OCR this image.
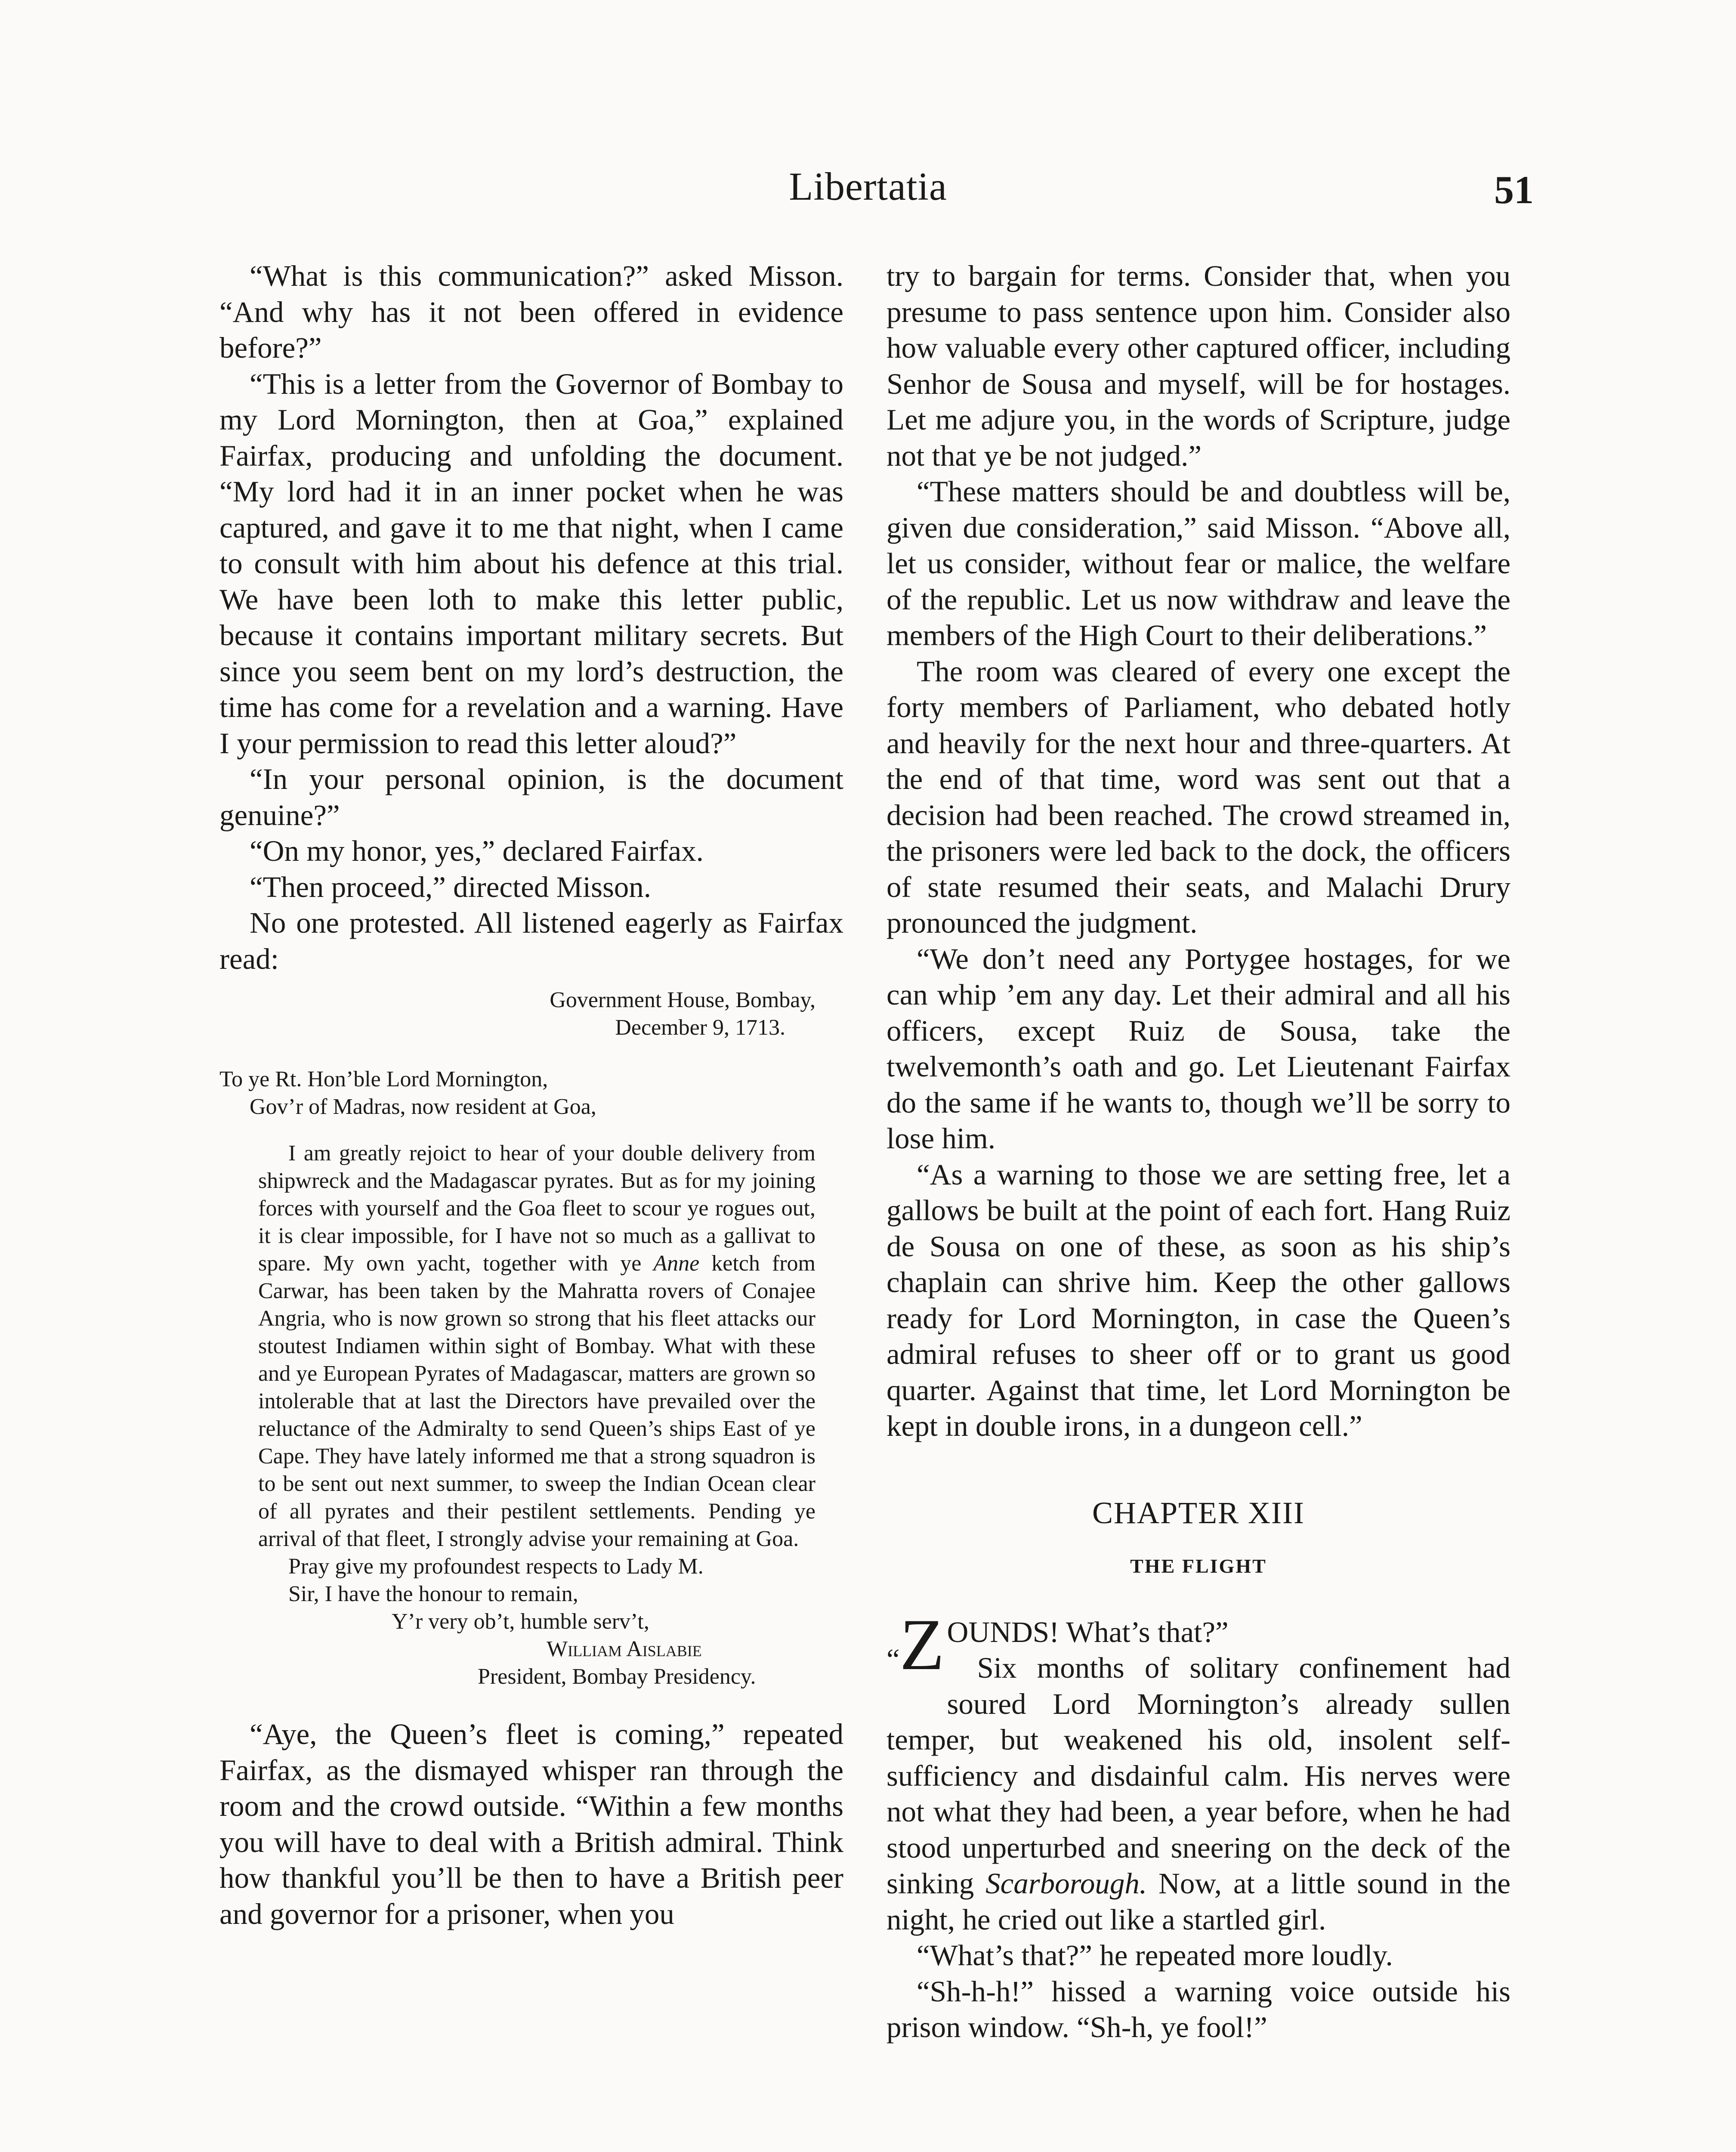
Libertatia	51

“What is this communication?” asked Misson. “And why has it not been offered in evidence before?”

“This is a letter from the Governor of Bombay to my Lord Mornington, then at Goa,” explained Fairfax, producing and unfolding the document. “My lord had it in an inner pocket when he was captured, and gave it to me that night, when I came to consult with him about his defence at this trial. We have been loth to make this letter public, because it contains important military secrets. But since you seem bent on my lord’s destruction, the time has come for a revelation and a warning. Have I your permission to read this letter aloud?”

“In your personal opinion, is the document genuine?”

“On my honor, yes,” declared Fairfax.

“Then proceed,” directed Misson.

No one protested. All listened eagerly as Fairfax read:

Government House, Bombay,
December 9, 1713.
To ye Rt. Hon’ble Lord Mornington,
Gov’r of Madras, now resident at Goa,

I am greatly rejoict to hear of your double delivery from shipwreck and the Madagascar pyrates. But as for my joining forces with yourself and the Goa fleet to scour ye rogues out, it is clear impossible, for I have not so much as a gallivat to spare. My own yacht, together with ye Anne ketch from Carwar, has been taken by the Mahratta rovers of Conajee Angria, who is now grown so strong that his fleet attacks our stoutest Indiamen within sight of Bombay. What with these and ye European Pyrates of Madagascar, matters are grown so intolerable that at last the Directors have prevailed over the reluctance of the Admiralty to send Queen’s ships East of ye Cape. They have lately informed me that a strong squadron is to be sent out next summer, to sweep the Indian Ocean clear of all pyrates and their pestilent settlements. Pending ye arrival of that fleet, I strongly advise your remaining at Goa.

Pray give my profoundest respects to Lady M.

Sir, I have the honour to remain,
Y’r very ob’t, humble serv’t,
William Aislabie
President, Bombay Presidency.

“Aye, the Queen’s fleet is coming,” repeated Fairfax, as the dismayed whisper ran through the room and the crowd outside. “Within a few months you will have to deal with a British admiral. Think how thankful you’ll be then to have a British peer and governor for a prisoner, when you

try to bargain for terms. Consider that, when you presume to pass sentence upon him. Consider also how valuable every other captured officer, including Senhor de Sousa and myself, will be for hostages. Let me adjure you, in the words of Scripture, judge not that ye be not judged.”

“These matters should be and doubtless will be, given due consideration,” said Misson. “Above all, let us consider, without fear or malice, the welfare of the republic. Let us now withdraw and leave the members of the High Court to their deliberations.”

The room was cleared of every one except the forty members of Parliament, who debated hotly and heavily for the next hour and three-quarters. At the end of that time, word was sent out that a decision had been reached. The crowd streamed in, the prisoners were led back to the dock, the officers of state resumed their seats, and Malachi Drury pronounced the judgment.

“We don’t need any Portygee hostages, for we can whip ’em any day. Let their admiral and all his officers, except Ruiz de Sousa, take the twelvemonth’s oath and go. Let Lieutenant Fairfax do the same if he wants to, though we’ll be sorry to lose him.

“As a warning to those we are setting free, let a gallows be built at the point of each fort. Hang Ruiz de Sousa on one of these, as soon as his ship’s chaplain can shrive him. Keep the other gallows ready for Lord Mornington, in case the Queen’s admiral refuses to sheer off or to grant us good quarter. Against that time, let Lord Mornington be kept in double irons, in a dungeon cell.”

CHAPTER XIII
THE FLIGHT

“Z OUNDS! What’s that?”
Six months of solitary confinement had soured Lord Mornington’s already sullen temper, but weakened his old, insolent self-sufficiency and disdainful calm. His nerves were not what they had been, a year before, when he had stood unperturbed and sneering on the deck of the sinking Scarborough. Now, at a little sound in the night, he cried out like a startled girl.

“What’s that?” he repeated more loudly.

“Sh-h-h!” hissed a warning voice outside his prison window. “Sh-h, ye fool!”
